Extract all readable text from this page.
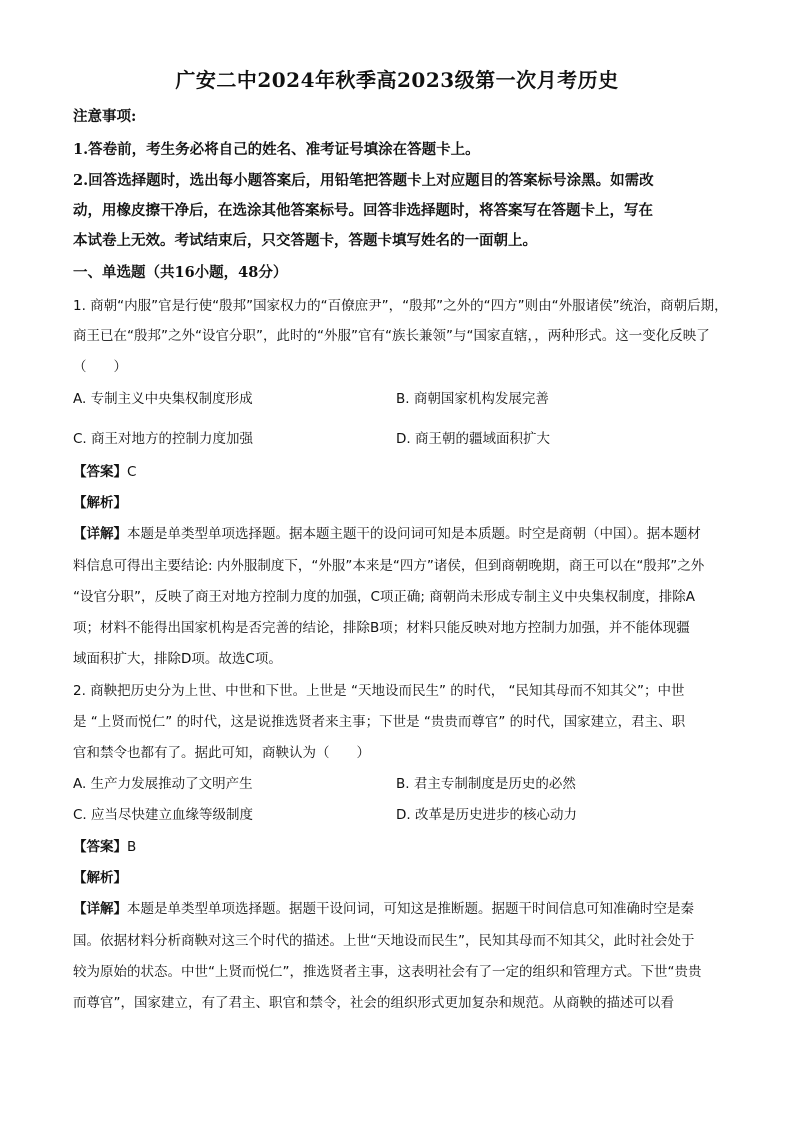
广安二中2024年秋季高2023级第一次月考历史
注意事项:
1.答卷前，考生务必将自己的姓名、准考证号填涂在答题卡上。
2.回答选择题时，选出每小题答案后，用铅笔把答题卡上对应题目的答案标号涂黑。如需改
动，用橡皮擦干净后，在选涂其他答案标号。回答非选择题时，将答案写在答题卡上，写在
本试卷上无效。考试结束后，只交答题卡，答题卡填写姓名的一面朝上。
一、单选题（共16小题，48分）
1. 商朝“内服”官是行使“殷邦”国家权力的“百僚庶尹”，“殷邦”之外的“四方”则由“外服诸侯”统治，商朝后期，
商王已在“殷邦”之外“设官分职”，此时的“外服”官有“族长兼领”与“国家直辖，，两种形式。这一变化反映了
（　　）
A. 专制主义中央集权制度形成	B. 商朝国家机构发展完善
C. 商王对地方的控制力度加强	D. 商王朝的疆域面积扩大
【答案】C
【解析】
【详解】本题是单类型单项选择题。据本题主题干的设问词可知是本质题。时空是商朝（中国）。据本题材
料信息可得出主要结论: 内外服制度下，“外服”本来是“四方”诸侯，但到商朝晚期，商王可以在“殷邦”之外
“设官分职”，反映了商王对地方控制力度的加强，C项正确; 商朝尚未形成专制主义中央集权制度，排除A
项；材料不能得出国家机构是否完善的结论，排除B项；材料只能反映对地方控制力加强，并不能体现疆
域面积扩大，排除D项。故选C项。
2. 商鞅把历史分为上世、中世和下世。上世是 “天地设而民生” 的时代， “民知其母而不知其父”；中世
是 “上贤而悦仁” 的时代，这是说推选贤者来主事；下世是 “贵贵而尊官” 的时代，国家建立，君主、职
官和禁令也都有了。据此可知，商鞅认为（　　）
A. 生产力发展推动了文明产生	B. 君主专制制度是历史的必然
C. 应当尽快建立血缘等级制度	D. 改革是历史进步的核心动力
【答案】B
【解析】
【详解】本题是单类型单项选择题。据题干设问词，可知这是推断题。据题干时间信息可知准确时空是秦
国。依据材料分析商鞅对这三个时代的描述。上世“天地设而民生”，民知其母而不知其父，此时社会处于
较为原始的状态。中世“上贤而悦仁”，推选贤者主事，这表明社会有了一定的组织和管理方式。下世“贵贵
而尊官”，国家建立，有了君主、职官和禁令，社会的组织形式更加复杂和规范。从商鞅的描述可以看
